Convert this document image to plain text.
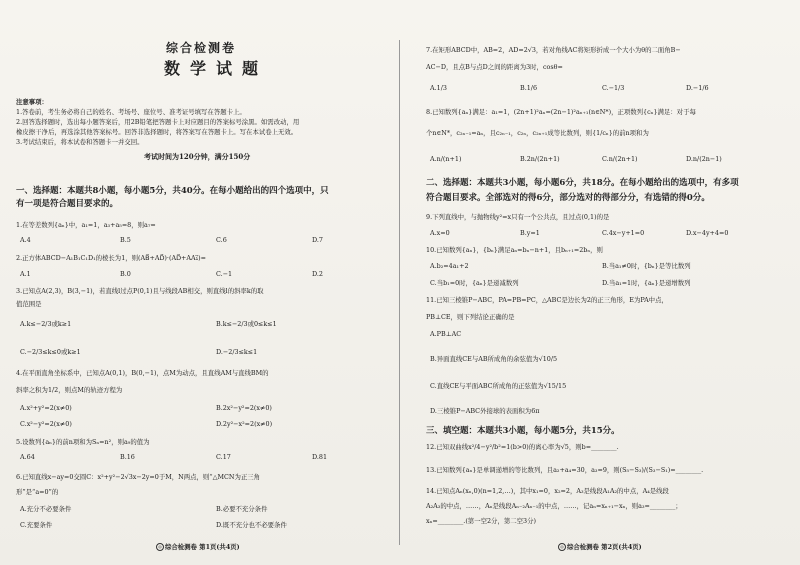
综合检测卷
数学试题
注意事项：
1.答卷前，考生务必将自己的姓名、考场号、座位号、准考证号填写在答题卡上。
2.回答选择题时，选出每小题答案后，用2B铅笔把答题卡上对应题目的答案标号涂黑。如需改动，用
橡皮擦干净后，再选涂其他答案标号。回答非选择题时，将答案写在答题卡上。写在本试卷上无效。
3.考试结束后，将本试卷和答题卡一并交回。
考试时间为120分钟，满分150分
一、选择题：本题共8小题，每小题5分，共40分。在每小题给出的四个选项中，只
有一项是符合题目要求的。
1.在等差数列{aₙ}中，a₁=1，a₃+a₅=8，则a₇=
A.4	B.5	C.6	D.7
2.正方体ABCD−A₁B₁C₁D₁的棱长为1，则(AB⃗+AD⃗)·(AD⃗+AA₁⃗)=
A.1	B.0	C.−1	D.2
3.已知点A(2,3)，B(3,−1)，若直线l过点P(0,1)且与线段AB相交，则直线l的斜率k的取
值范围是
A.k≤−2/3或k≥1	B.k≤−2/3或0≤k≤1
C.−2/3≤k≤0或k≥1	D.−2/3≤k≤1
4.在平面直角坐标系中，已知点A(0,1)，B(0,−1)，点M为动点，且直线AM与直线BM的
斜率之积为1/2，则点M的轨迹方程为
A.x²+y²=2(x≠0)	B.2x²−y²=2(x≠0)
C.x²−y²=2(x≠0)	D.2y²−x²=2(x≠0)
5.设数列{aₙ}的前n项和为Sₙ=n²，则a₉的值为
A.64	B.16	C.17	D.81
6.已知直线x−ay=0交圆C：x²+y²−2√3x−2y=0于M，N两点，则“△MCN为正三角
形”是“a=0”的
A.充分不必要条件	B.必要不充分条件
C.充要条件	D.既不充分也不必要条件
◎ 综合检测卷 第1页(共4页)
7.在矩形ABCD中，AB=2，AD=2√3，若对角线AC将矩形折成一个大小为θ的二面角B−
AC−D，且点B与点D之间的距离为3时，cosθ=
A.1/3	B.1/6	C.−1/3	D.−1/6
8.已知数列{aₙ}满足：a₁=1，(2n+1)²aₙ=(2n−1)²aₙ₊₁(n∈N*)，正项数列{cₙ}满足：对于每
个n∈N*，c₂ₙ₋₁=aₙ，且c₂ₙ₋₁，c₂ₙ，c₂ₙ₊₁成等比数列，则{1/cₙ}的前n项和为
A.n/(n+1)	B.2n/(2n+1)	C.n/(2n+1)	D.n/(2n−1)
二、选择题：本题共3小题，每小题6分，共18分。在每小题给出的选项中，有多项
符合题目要求。全部选对的得6分，部分选对的得部分分，有选错的得0分。
9.下列直线中，与抛物线y²=x只有一个公共点，且过点(0,1)的是
A.x=0	B.y=1	C.4x−y+1=0	D.x−4y+4=0
10.已知数列{aₙ}，{bₙ}满足aₙ=bₙ−n+1，且bₙ₊₁=2bₙ，则
A.b₂=4a₁+2	B.当a₁≠0时，{bₙ}是等比数列
C.当b₁=0时，{aₙ}是递减数列	D.当a₁=1时，{aₙ}是递增数列
11.已知三棱锥P−ABC，PA=PB=PC，△ABC是边长为2的正三角形，E为PA中点，
PB⊥CE，则下列结论正确的是
A.PB⊥AC
B.异面直线CE与AB所成角的余弦值为√10/5
C.直线CE与平面ABC所成角的正弦值为√15/15
D.三棱锥P−ABC外接球的表面积为6π
三、填空题：本题共3小题，每小题5分，共15分。
12.已知双曲线x²/4−y²/b²=1(b>0)的离心率为√5，则b=________.
13.已知数列{aₙ}是单调递增的等比数列，且a₂+a₄=30，a₃=9，则(S₅−S₃)/(S₃−S₁)=________.
14.已知点Aₙ(xₙ,0)(n=1,2,…)，其中x₁=0，x₂=2，A₃是线段A₁A₂的中点，A₄是线段
A₂A₃的中点，……，Aₙ是线段Aₙ₋₂Aₙ₋₁的中点，……，记aₙ=xₙ₊₁−xₙ，则a₃=________；
xₙ=________.(第一空2分，第二空3分)
◎ 综合检测卷 第2页(共4页)
